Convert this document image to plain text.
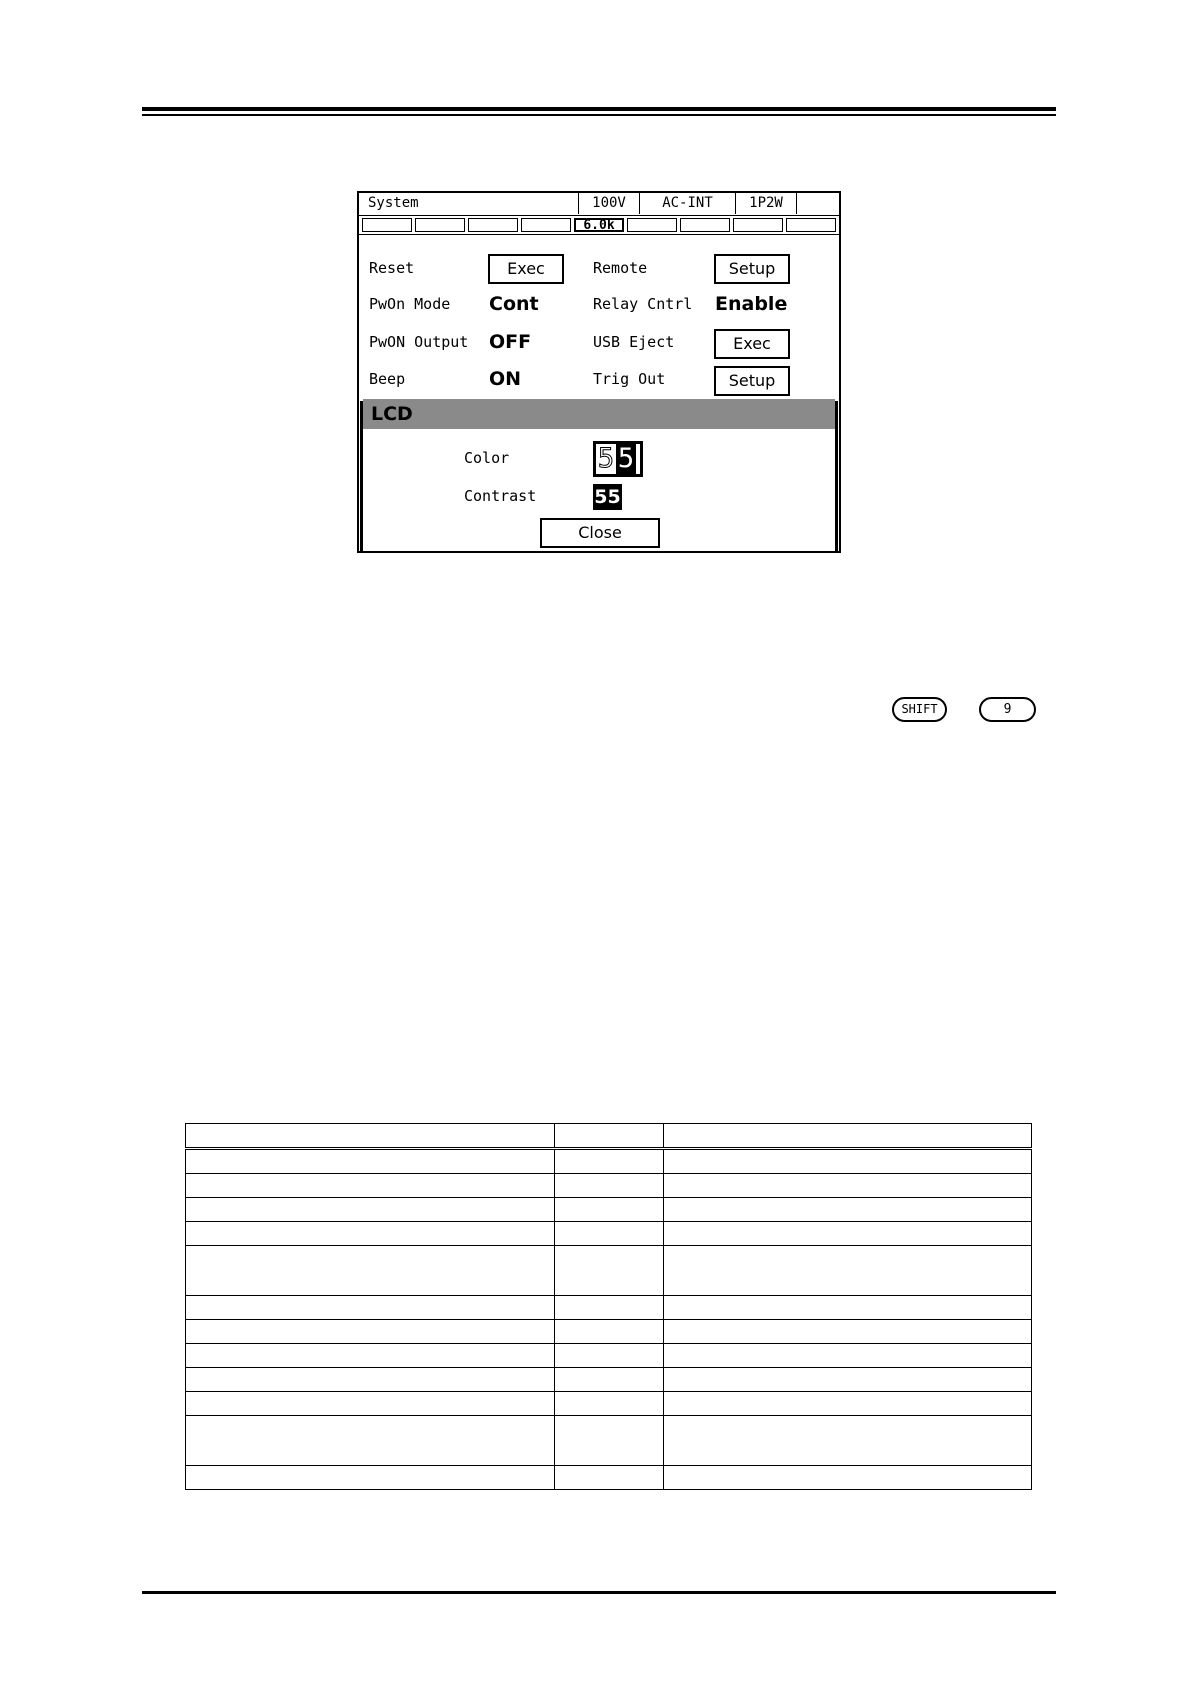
System	100V	AC-INT	1P2W
6.0k
Reset	Exec
PwOn Mode Cont
PwON Output OFF
Beep	ON
Remote	Setup
Relay Cntrl Enable
USB Eject	Exec
Trig Out	Setup
LCD
Color	5 5
Contrast	55
Close
SHIFT	9
